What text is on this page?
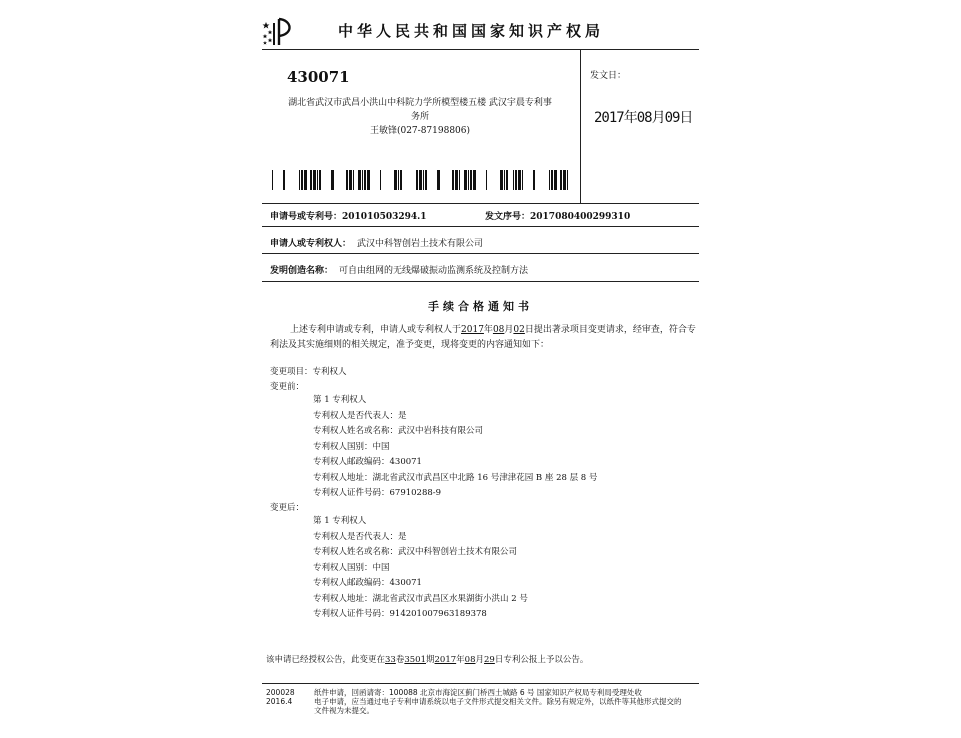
中华人民共和国国家知识产权局
430071
湖北省武汉市武昌小洪山中科院力学所模型楼五楼 武汉宇晨专利事
务所
王敏锋(027-87198806)
发文日：
2017年08月09日
申请号或专利号：201010503294.1	发文序号：2017080400299310
申请人或专利权人： 武汉中科智创岩土技术有限公司
发明创造名称： 可自由组网的无线爆破振动监测系统及控制方法
手续合格通知书
上述专利申请或专利，申请人或专利权人于2017年08月02日提出著录项目变更请求，经审查，符合专利法及其实施细则的相关规定，准予变更，现将变更的内容通知如下：
变更项目：专利权人
变更前：
第 1 专利权人
专利权人是否代表人：是
专利权人姓名或名称：武汉中岩科技有限公司
专利权人国别：中国
专利权人邮政编码：430071
专利权人地址：湖北省武汉市武昌区中北路 16 号津津花园 B 座 28 层 8 号
专利权人证件号码：67910288-9
变更后：
第 1 专利权人
专利权人是否代表人：是
专利权人姓名或名称：武汉中科智创岩土技术有限公司
专利权人国别：中国
专利权人邮政编码：430071
专利权人地址：湖北省武汉市武昌区水果湖街小洪山 2 号
专利权人证件号码：914201007963189378
该申请已经授权公告，此变更在33卷3501期2017年08月29日专利公报上予以公告。
200028
2016.4
纸件申请，回函请寄：100088 北京市海淀区蓟门桥西土城路 6 号 国家知识产权局专利局受理处收
电子申请，应当通过电子专利申请系统以电子文件形式提交相关文件。除另有规定外，以纸件等其他形式提交的
文件视为未提交。
